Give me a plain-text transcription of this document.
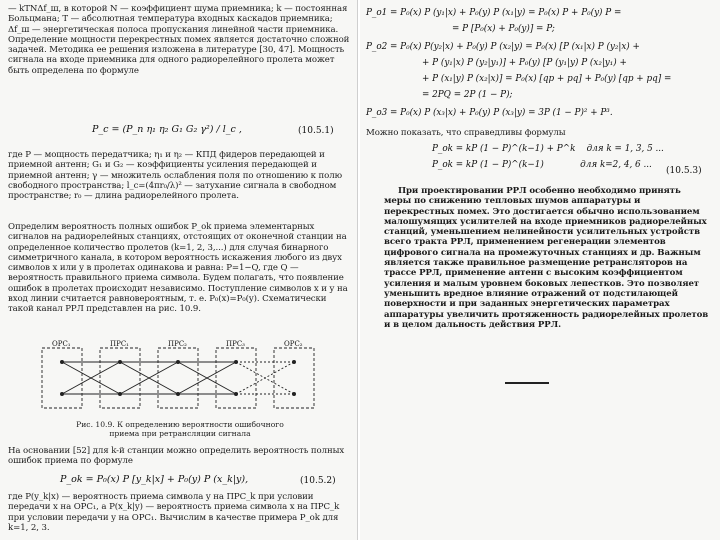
— kTNΔf_ш, в которой N — коэффициент шума приемника; k — постоянная Больцмана; T — абсолютная температура входных каскадов приемника; Δf_ш — энергетическая полоса пропускания линейной части приемника. Определение мощности перекрестных помех является достаточно сложной задачей. Методика ее решения изложена в литературе [30, 47]. Мощность сигнала на входе приемника для одного радиорелейного пролета может быть определена по формуле
P_c = (P_п η₁ η₂ G₁ G₂ γ²) / l_c ,	(10.5.1)
где P — мощность передатчика; η₁ и η₂ — КПД фидеров передающей и приемной антенн; G₁ и G₂ — коэффициенты усиления передающей и приемной антенн; γ — множитель ослабления поля по отношению к полю свободного пространства; l_c=(4πr₀/λ)² — затухание сигнала в свободном пространстве; r₀ — длина радиорелейного пролета.
Определим вероятность полных ошибок P_ok приема элементарных сигналов на радиорелейных станциях, отстоящих от оконечной станции на определенное количество пролетов (k=1, 2, 3,...) для случая бинарного симметричного канала, в котором вероятность искажения любого из двух символов x или y в пролетах одинакова и равна: P=1−Q, где Q — вероятность правильного приема символа. Будем полагать, что появление ошибок в пролетах происходит независимо. Поступление символов x и y на вход линии считается равновероятным, т. е. P₀(x)=P₀(y). Схематически такой канал РРЛ представлен на рис. 10.9.
ОРС₁	ПРС₁	ПРС₂	ПРС₃	ОРС₂
Рис. 10.9. К определению вероятности ошибочного приема при ретрансляции сигнала
На основании [52] для k-й станции можно определить вероятность полных ошибок приема по формуле
P_ok = P₀(x) P [y_k|x] + P₀(y) P (x_k|y),	(10.5.2)
где P(y_k|x) — вероятность приема символа y на ПРС_k при условии передачи x на ОРС₁, а P(x_k|y) — вероятность приема символа x на ПРС_k при условии передачи y на ОРС₁. Вычислим в качестве примера P_ok для k=1, 2, 3.
P_o1 = P₀(x) P (y₁|x) + P₀(y) P (x₁|y) = P₀(x) P + P₀(y) P =
= P [P₀(x) + P₀(y)] = P;
P_o2 = P₀(x) P(y₂|x) + P₀(y) P (x₂|y) = P₀(x) [P (x₁|x) P (y₂|x) +
+ P (y₁|x) P (y₂|y₁)] + P₀(y) [P (y₁|y) P (x₂|y₁) +
+ P (x₁|y) P (x₂|x)] = P₀(x) [qp + pq] + P₀(y) [qp + pq] =
= 2PQ = 2P (1 − P);
P_o3 = P₀(x) P (x₃|x) + P₀(y) P (x₃|y) = 3P (1 − P)² + P³.
Можно показать, что справедливы формулы
P_ok = kP (1 − P)^(k−1) + P^k    для k = 1, 3, 5 ...
P_ok = kP (1 − P)^(k−1)             для k=2, 4, 6 ...
(10.5.3)
При проектировании РРЛ особенно необходимо принять меры по снижению тепловых шумов аппаратуры и перекрестных помех. Это достигается обычно использованием малошумящих усилителей на входе приемников радиорелейных станций, уменьшением нелинейности усилительных устройств всего тракта РРЛ, применением регенерации элементов цифрового сигнала на промежуточных станциях и др. Важным является также правильное размещение ретрансляторов на трассе РРЛ, применение антенн с высоким коэффициентом усиления и малым уровнем боковых лепестков. Это позволяет уменьшить вредное влияние отражений от подстилающей поверхности и при заданных энергетических параметрах аппаратуры увеличить протяженность радиорелейных пролетов и в целом дальность действия РРЛ.
